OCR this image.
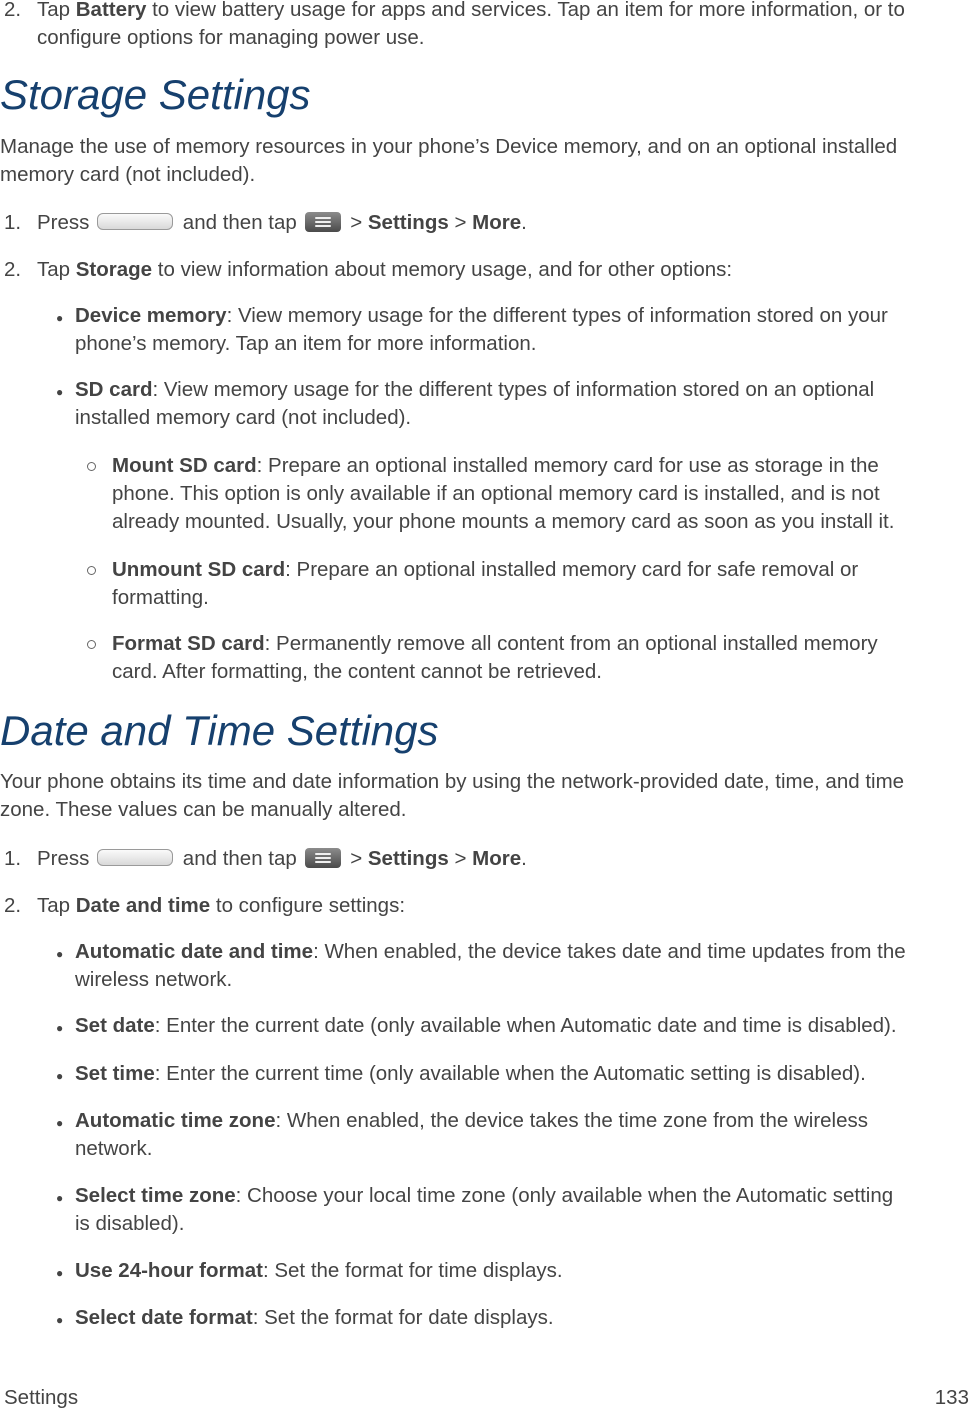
2. Tap Battery to view battery usage for apps and services. Tap an item for more information, or to
configure options for managing power use.
Storage Settings
Manage the use of memory resources in your phone’s Device memory, and on an optional installed
memory card (not included).
1. Press	and then tap
> Settings > More.
2. Tap Storage to view information about memory usage, and for other options:
● Device memory: View memory usage for the different types of information stored on your
phone’s memory. Tap an item for more information.
● SD card: View memory usage for the different types of information stored on an optional
installed memory card (not included).
Mount SD card: Prepare an optional installed memory card for use as storage in the
phone. This option is only available if an optional memory card is installed, and is not
already mounted. Usually, your phone mounts a memory card as soon as you install it.
Unmount SD card: Prepare an optional installed memory card for safe removal or
formatting.
Format SD card: Permanently remove all content from an optional installed memory
card. After formatting, the content cannot be retrieved.
Date and Time Settings
Your phone obtains its time and date information by using the network-provided date, time, and time
zone. These values can be manually altered.
1. Press	and then tap
> Settings > More.
2. Tap Date and time to configure settings:
● Automatic date and time: When enabled, the device takes date and time updates from the
wireless network.
● Set date: Enter the current date (only available when Automatic date and time is disabled).
● Set time: Enter the current time (only available when the Automatic setting is disabled).
● Automatic time zone: When enabled, the device takes the time zone from the wireless
network.
● Select time zone: Choose your local time zone (only available when the Automatic setting
is disabled).
● Use 24-hour format: Set the format for time displays.
● Select date format: Set the format for date displays.
Settings	133
